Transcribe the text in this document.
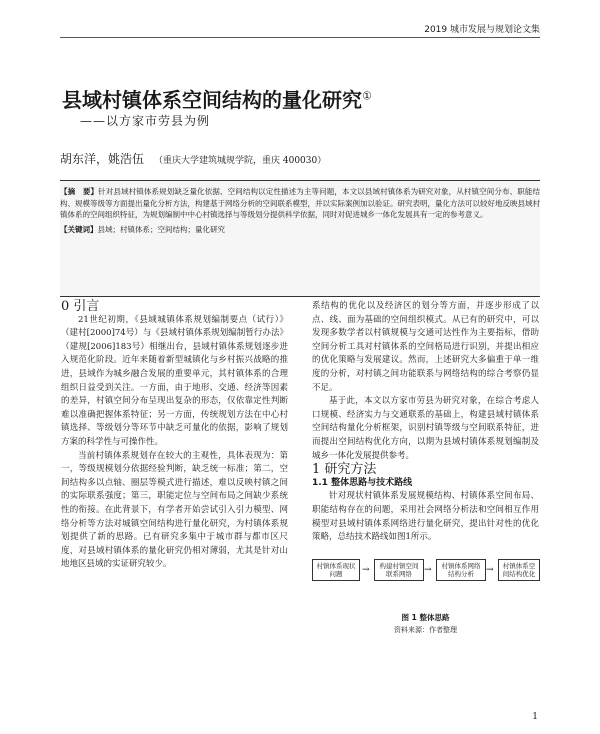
2019 城市发展与规划论文集
县域村镇体系空间结构的量化研究①
——以方家市劳县为例
胡东洋，姚浩伍 （重庆大学建筑城规学院，重庆 400030）
【摘　要】针对县域村镇体系规划缺乏量化依据、空间结构以定性描述为主等问题，本文以县域村镇体系为研究对象，从村镇空间分布、职能结构、规模等级等方面提出量化分析方法，构建基于网络分析的空间联系模型，并以实际案例加以验证。研究表明，量化方法可以较好地反映县域村镇体系的空间组织特征，为规划编制中中心村镇选择与等级划分提供科学依据，同时对促进城乡一体化发展具有一定的参考意义。
【关键词】县域；村镇体系；空间结构；量化研究

0 引言

21世纪初期，《县域城镇体系规划编制要点（试行）》（建村[2000]74号）与《县域村镇体系规划编制暂行办法》（建规[2006]183号）相继出台，县域村镇体系规划逐步进入规范化阶段。近年来随着新型城镇化与乡村振兴战略的推进，县域作为城乡融合发展的重要单元，其村镇体系的合理组织日益受到关注。一方面，由于地形、交通、经济等因素的差异，村镇空间分布呈现出复杂的形态，仅依靠定性判断难以准确把握体系特征；另一方面，传统规划方法在中心村镇选择、等级划分等环节中缺乏可量化的依据，影响了规划方案的科学性与可操作性。

当前村镇体系规划存在较大的主观性，具体表现为：第一，等级规模划分依据经验判断，缺乏统一标准；第二，空间结构多以点轴、圈层等模式进行描述，难以反映村镇之间的实际联系强度；第三，职能定位与空间布局之间缺少系统性的衔接。在此背景下，有学者开始尝试引入引力模型、网络分析等方法对城镇空间结构进行量化研究，为村镇体系规划提供了新的思路。已有研究多集中于城市群与都市区尺度，对县域村镇体系的量化研究仍相对薄弱，尤其是针对山地地区县域的实证研究较少。

系结构的优化以及经济区的划分等方面，并逐步形成了以点、线、面为基础的空间组织模式。从已有的研究中，可以发现多数学者以村镇规模与交通可达性作为主要指标，借助空间分析工具对村镇体系的空间格局进行识别，并提出相应的优化策略与发展建议。然而，上述研究大多偏重于单一维度的分析，对村镇之间功能联系与网络结构的综合考察仍显不足。

基于此，本文以方家市劳县为研究对象，在综合考虑人口规模、经济实力与交通联系的基础上，构建县域村镇体系空间结构量化分析框架，识别村镇等级与空间联系特征，进而提出空间结构优化方向，以期为县域村镇体系规划编制及城乡一体化发展提供参考。

1 研究方法

1.1 整体思路与技术路线

针对现状村镇体系发展规模结构、村镇体系空间布局、职能结构存在的问题，采用社会网络分析法和空间相互作用模型对县域村镇体系网络进行量化研究，提出针对性的优化策略，总结技术路线如图1所示。

村镇体系现状问题	→	构建村镇空间联系网络	→	村镇体系网络结构分析	→	村镇体系空间结构优化
图 1 整体思路
资料来源：作者整理
1
